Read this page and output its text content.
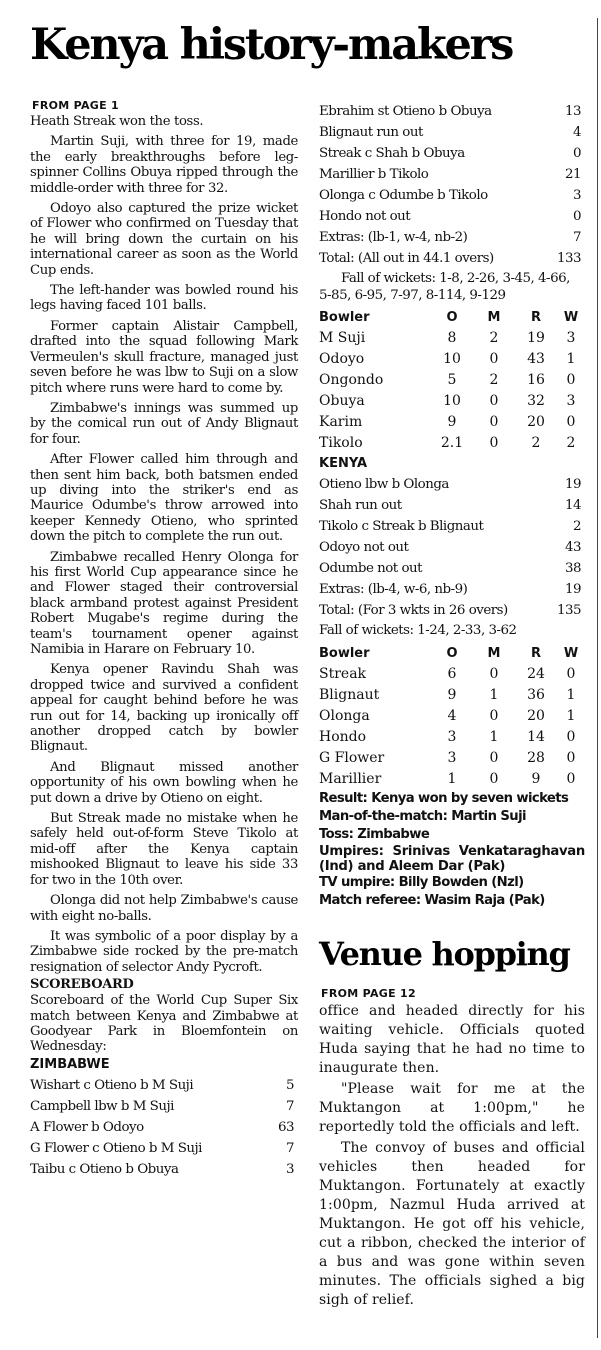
Kenya history-makers
FROM PAGE 1

Heath Streak won the toss.

Martin Suji, with three for 19, made the early breakthroughs before leg-spinner Collins Obuya ripped through the middle-order with three for 32.

Odoyo also captured the prize wicket of Flower who confirmed on Tuesday that he will bring down the curtain on his international career as soon as the World Cup ends.

The left-hander was bowled round his legs having faced 101 balls.

Former captain Alistair Campbell, drafted into the squad following Mark Vermeulen's skull fracture, managed just seven before he was lbw to Suji on a slow pitch where runs were hard to come by.

Zimbabwe's innings was summed up by the comical run out of Andy Blignaut for four.

After Flower called him through and then sent him back, both batsmen ended up diving into the striker's end as Maurice Odumbe's throw arrowed into keeper Kennedy Otieno, who sprinted down the pitch to complete the run out.

Zimbabwe recalled Henry Olonga for his first World Cup appearance since he and Flower staged their controversial black armband protest against President Robert Mugabe's regime during the team's tournament opener against Namibia in Harare on February 10.

Kenya opener Ravindu Shah was dropped twice and survived a confident appeal for caught behind before he was run out for 14, backing up ironically off another dropped catch by bowler Blignaut.

And Blignaut missed another opportunity of his own bowling when he put down a drive by Otieno on eight.

But Streak made no mistake when he safely held out-of-form Steve Tikolo at mid-off after the Kenya captain mishooked Blignaut to leave his side 33 for two in the 10th over.

Olonga did not help Zimbabwe's cause with eight no-balls.

It was symbolic of a poor display by a Zimbabwe side rocked by the pre-match resignation of selector Andy Pycroft.

SCOREBOARD

Scoreboard of the World Cup Super Six match between Kenya and Zimbabwe at Goodyear Park in Bloemfontein on Wednesday:

ZIMBABWE
Wishart c Otieno b M Suji	5
Campbell lbw b M Suji	7
A Flower b Odoyo	63
G Flower c Otieno b M Suji	7
Taibu c Otieno b Obuya	3
Ebrahim st Otieno b Obuya	13
Blignaut run out	4
Streak c Shah b Obuya	0
Marillier b Tikolo	21
Olonga c Odumbe b Tikolo	3
Hondo not out	0
Extras: (lb-1, w-4, nb-2)	7
Total: (All out in 44.1 overs)	133
Fall of wickets: 1-8, 2-26, 3-45, 4-66, 5-85, 6-95, 7-97, 8-114, 9-129
Bowler	O	M	R	W
M Suji	8	2	19	3
Odoyo	10	0	43	1
Ongondo	5	2	16	0
Obuya	10	0	32	3
Karim	9	0	20	0
Tikolo	2.1	0	2	2
KENYA
Otieno lbw b Olonga	19
Shah run out	14
Tikolo c Streak b Blignaut	2
Odoyo not out	43
Odumbe not out	38
Extras: (lb-4, w-6, nb-9)	19
Total: (For 3 wkts in 26 overs)	135
Fall of wickets: 1-24, 2-33, 3-62
Bowler	O	M	R	W
Streak	6	0	24	0
Blignaut	9	1	36	1
Olonga	4	0	20	1
Hondo	3	1	14	0
G Flower	3	0	28	0
Marillier	1	0	9	0
Result: Kenya won by seven wickets
Man-of-the-match: Martin Suji
Toss: Zimbabwe
Umpires: Srinivas Venkataraghavan (Ind) and Aleem Dar (Pak)
TV umpire: Billy Bowden (Nzl)
Match referee: Wasim Raja (Pak)
Venue hopping
FROM PAGE 12

office and headed directly for his waiting vehicle. Officials quoted Huda saying that he had no time to inaugurate then.

"Please wait for me at the Muktangon at 1:00pm," he reportedly told the officials and left.

The convoy of buses and official vehicles then headed for Muktangon. Fortunately at exactly 1:00pm, Nazmul Huda arrived at Muktangon. He got off his vehicle, cut a ribbon, checked the interior of a bus and was gone within seven minutes. The officials sighed a big sigh of relief.
